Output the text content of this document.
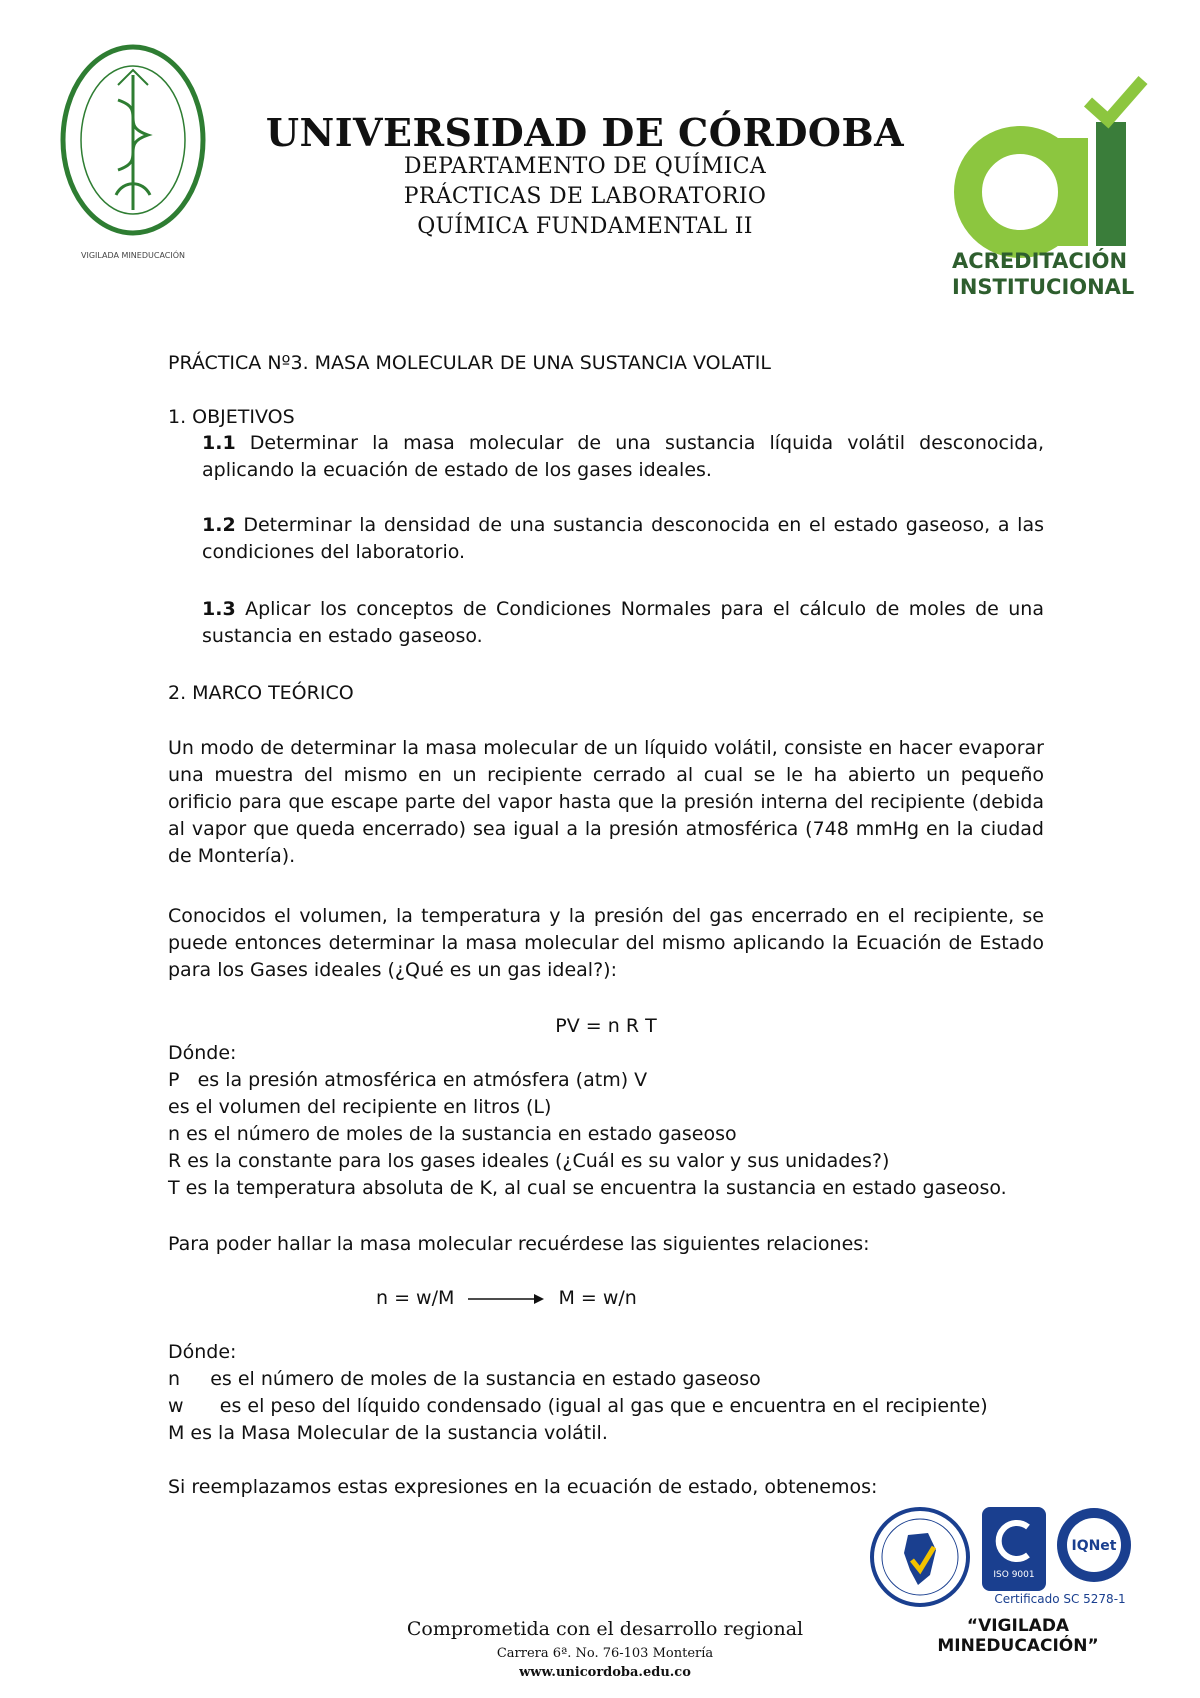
VIGILADA MINEDUCACIÓN
UNIVERSIDAD DE CÓRDOBA
DEPARTAMENTO DE QUÍMICA
PRÁCTICAS DE LABORATORIO
QUÍMICA FUNDAMENTAL II
ACREDITACIÓN
INSTITUCIONAL
PRÁCTICA Nº3. MASA MOLECULAR DE UNA SUSTANCIA VOLATIL
1. OBJETIVOS
1.1 Determinar la masa molecular de una sustancia líquida volátil desconocida, aplicando la ecuación de estado de los gases ideales.
1.2 Determinar la densidad de una sustancia desconocida en el estado gaseoso, a las condiciones del laboratorio.
1.3 Aplicar los conceptos de Condiciones Normales para el cálculo de moles de una sustancia en estado gaseoso.
2. MARCO TEÓRICO
Un modo de determinar la masa molecular de un líquido volátil, consiste en hacer evaporar una muestra del mismo en un recipiente cerrado al cual se le ha abierto un pequeño orificio para que escape parte del vapor hasta que la presión interna del recipiente (debida al vapor que queda encerrado) sea igual a la presión atmosférica (748 mmHg en la ciudad de Montería).
Conocidos el volumen, la temperatura y la presión del gas encerrado en el recipiente, se puede entonces determinar la masa molecular del mismo aplicando la Ecuación de Estado para los Gases ideales (¿Qué es un gas ideal?):
PV = n R T
Dónde:
P   es la presión atmosférica en atmósfera (atm) V
es el volumen del recipiente en litros (L)
n es el número de moles de la sustancia en estado gaseoso
R es la constante para los gases ideales (¿Cuál es su valor y sus unidades?)
T es la temperatura absoluta de K, al cual se encuentra la sustancia en estado gaseoso.
Para poder hallar la masa molecular recuérdese las siguientes relaciones:
n = w/M	M = w/n
Dónde:
n     es el número de moles de la sustancia en estado gaseoso
w      es el peso del líquido condensado (igual al gas que e encuentra en el recipiente)
M es la Masa Molecular de la sustancia volátil.
Si reemplazamos estas expresiones en la ecuación de estado, obtenemos:
Comprometida con el desarrollo regional
Carrera 6ª. No. 76-103 Montería
www.unicordoba.edu.co
ISO 9001
IQNet
Certificado SC 5278-1
“VIGILADA MINEDUCACIÓN”
